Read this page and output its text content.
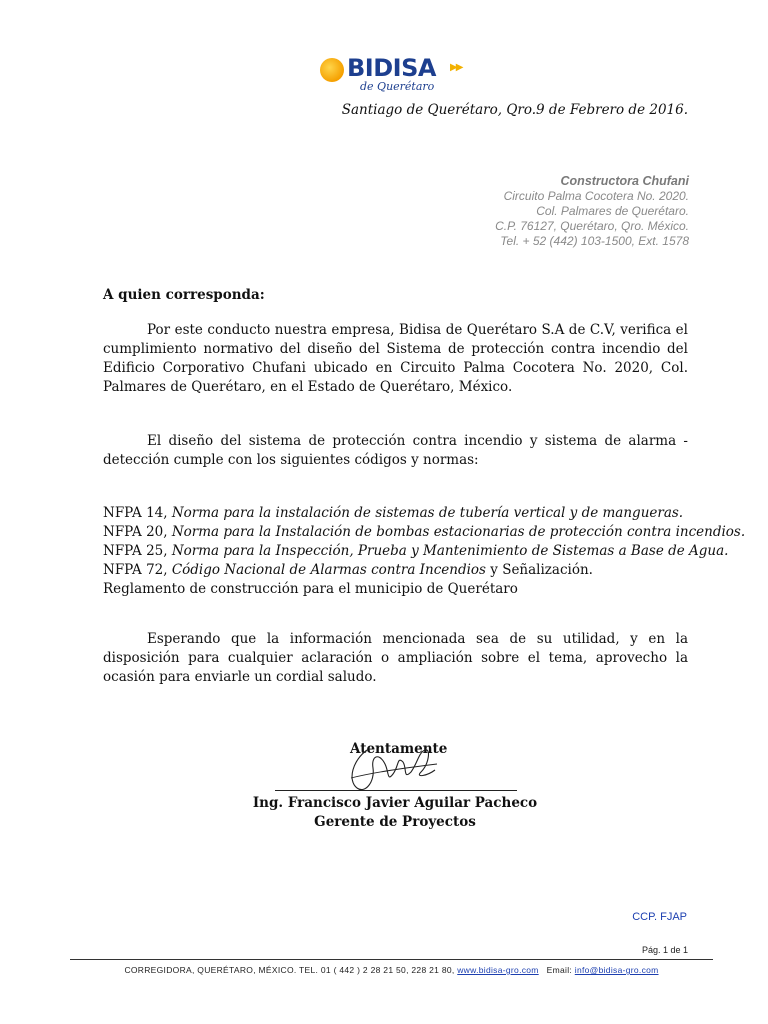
BIDISA ▶▶
de Querétaro
Santiago de Querétaro, Qro.9 de Febrero de 2016.
Constructora Chufani
Circuito Palma Cocotera No. 2020.
Col. Palmares de Querétaro.
C.P. 76127, Querétaro, Qro. México.
Tel. + 52 (442) 103-1500, Ext. 1578
A quien corresponda:
Por este conducto nuestra empresa, Bidisa de Querétaro S.A de C.V, verifica el cumplimiento normativo del diseño del Sistema de protección contra incendio del Edificio Corporativo Chufani ubicado en Circuito Palma Cocotera No. 2020, Col. Palmares de Querétaro, en el Estado de Querétaro, México.
El diseño del sistema de protección contra incendio y sistema de alarma - detección cumple con los siguientes códigos y normas:
NFPA 14, Norma para la instalación de sistemas de tubería vertical y de mangueras.
NFPA 20, Norma para la Instalación de bombas estacionarias de protección contra incendios.
NFPA 25, Norma para la Inspección, Prueba y Mantenimiento de Sistemas a Base de Agua.
NFPA 72, Código Nacional de Alarmas contra Incendios y Señalización.
Reglamento de construcción para el municipio de Querétaro
Esperando que la información mencionada sea de su utilidad, y en la disposición para cualquier aclaración o ampliación sobre el tema, aprovecho la ocasión para enviarle un cordial saludo.
Atentamente
Ing. Francisco Javier Aguilar Pacheco
Gerente de Proyectos
CCP. FJAP
Pág. 1 de 1
CORREGIDORA, QUERÉTARO, MÉXICO. TEL. 01 ( 442 ) 2 28 21 50, 228 21 80, www.bidisa-gro.com   Email: info@bidisa-gro.com
